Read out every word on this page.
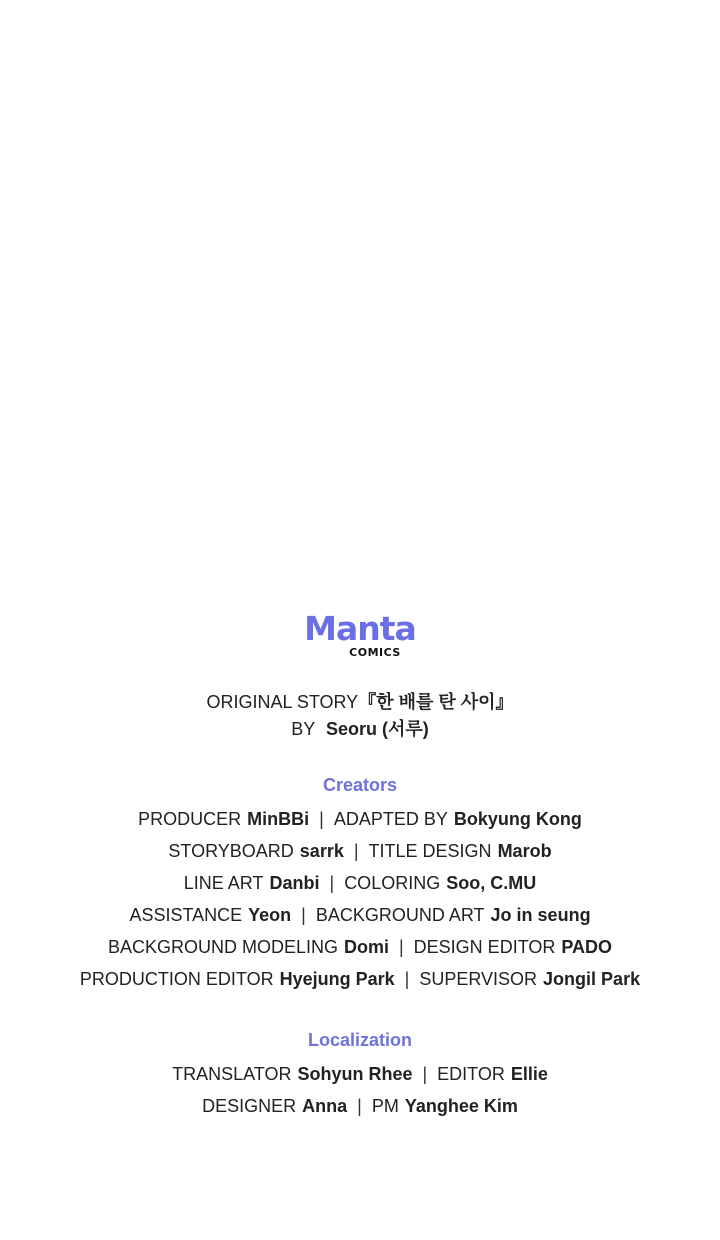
Manta
COMICS
ORIGINAL STORY『한 배를 탄 사이』
BY Seoru (서루)
Creators
PRODUCER MinBBi | ADAPTED BY Bokyung Kong
STORYBOARD sarrk | TITLE DESIGN Marob
LINE ART Danbi | COLORING Soo, C.MU
ASSISTANCE Yeon | BACKGROUND ART Jo in seung
BACKGROUND MODELING Domi | DESIGN EDITOR PADO
PRODUCTION EDITOR Hyejung Park | SUPERVISOR Jongil Park
Localization
TRANSLATOR Sohyun Rhee | EDITOR Ellie
DESIGNER Anna | PM Yanghee Kim
